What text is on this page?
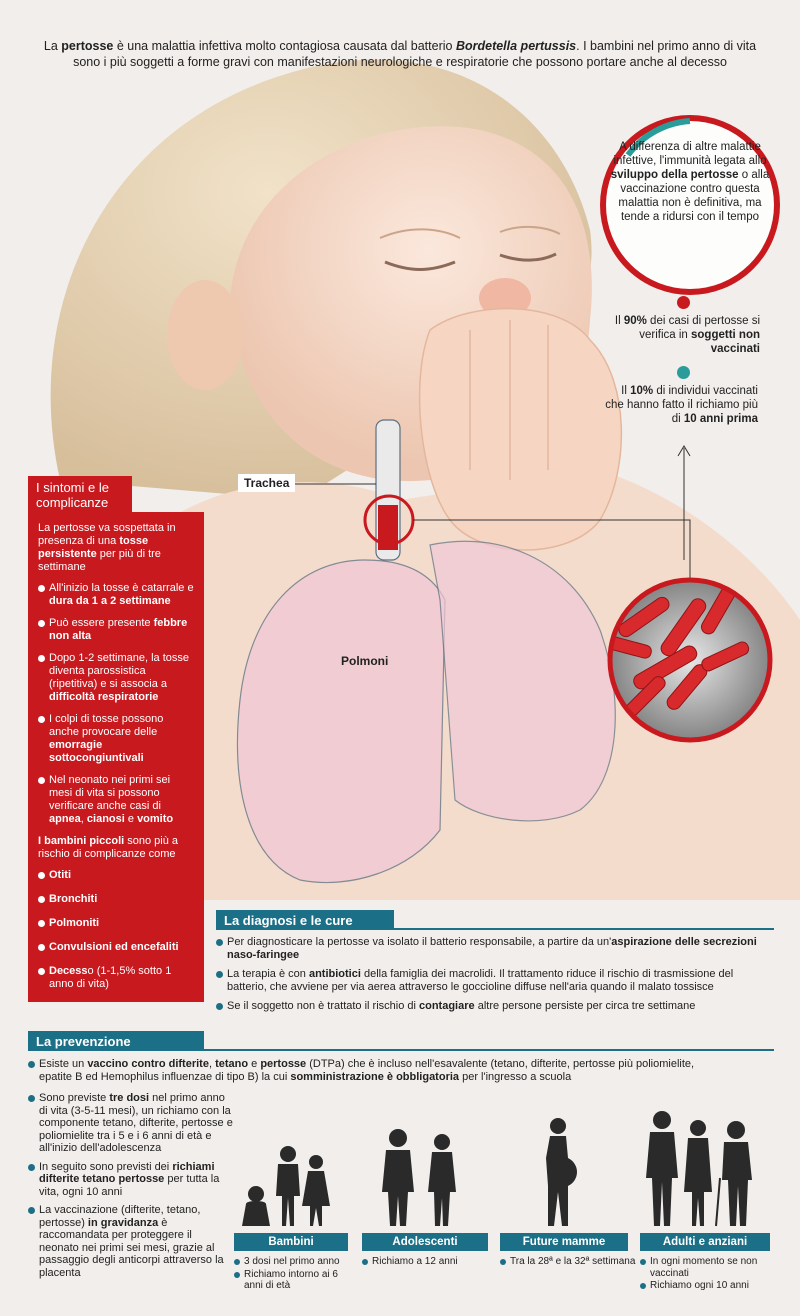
La pertosse è una malattia infettiva molto contagiosa causata dal batterio Bordetella pertussis. I bambini nel primo anno di vita sono i più soggetti a forme gravi con manifestazioni neurologiche e respiratorie che possono portare anche al decesso
A differenza di altre malattie infettive, l'immunità legata allo sviluppo della pertosse o alla vaccinazione contro questa malattia non è definitiva, ma tende a ridursi con il tempo
Il 90% dei casi di pertosse si verifica in soggetti non vaccinati
Il 10% di individui vaccinati che hanno fatto il richiamo più di 10 anni prima
Trachea
Polmoni
I sintomi e le complicanze

La pertosse va sospettata in presenza di una tosse persistente per più di tre settimane

All'inizio la tosse è catarrale e dura da 1 a 2 settimane
Può essere presente febbre non alta
Dopo 1-2 settimane, la tosse diventa parossistica (ripetitiva) e si associa a difficoltà respiratorie
I colpi di tosse possono anche provocare delle emorragie sottocongiuntivali
Nel neonato nei primi sei mesi di vita si possono verificare anche casi di apnea, cianosi e vomito

I bambini piccoli sono più a rischio di complicanze come

Otiti
Bronchiti
Polmoniti
Convulsioni ed encefaliti
Decesso (1-1,5% sotto 1 anno di vita)
La diagnosi e le cure
Per diagnosticare la pertosse va isolato il batterio responsabile, a partire da un'aspirazione delle secrezioni naso-faringee
La terapia è con antibiotici della famiglia dei macrolidi. Il trattamento riduce il rischio di trasmissione del batterio, che avviene per via aerea attraverso le goccioline diffuse nell'aria quando il malato tossisce
Se il soggetto non è trattato il rischio di contagiare altre persone persiste per circa tre settimane
La prevenzione
Esiste un vaccino contro difterite, tetano e pertosse (DTPa) che è incluso nell'esavalente (tetano, difterite, pertosse più poliomielite, epatite B ed Hemophilus influenzae di tipo B) la cui somministrazione è obbligatoria per l'ingresso a scuola
Sono previste tre dosi nel primo anno di vita (3-5-11 mesi), un richiamo con la componente tetano, difterite, pertosse e poliomielite tra i 5 e i 6 anni di età e all'inizio dell'adolescenza
In seguito sono previsti dei richiami difterite tetano pertosse per tutta la vita, ogni 10 anni
La vaccinazione (difterite, tetano, pertosse) in gravidanza è raccomandata per proteggere il neonato nei primi sei mesi, grazie al passaggio degli anticorpi attraverso la placenta
Bambini
3 dosi nel primo anno
Richiamo intorno ai 6 anni di età
Adolescenti
Richiamo a 12 anni
Future mamme
Tra la 28ª e la 32ª settimana
Adulti e anziani
In ogni momento se non vaccinati
Richiamo ogni 10 anni
